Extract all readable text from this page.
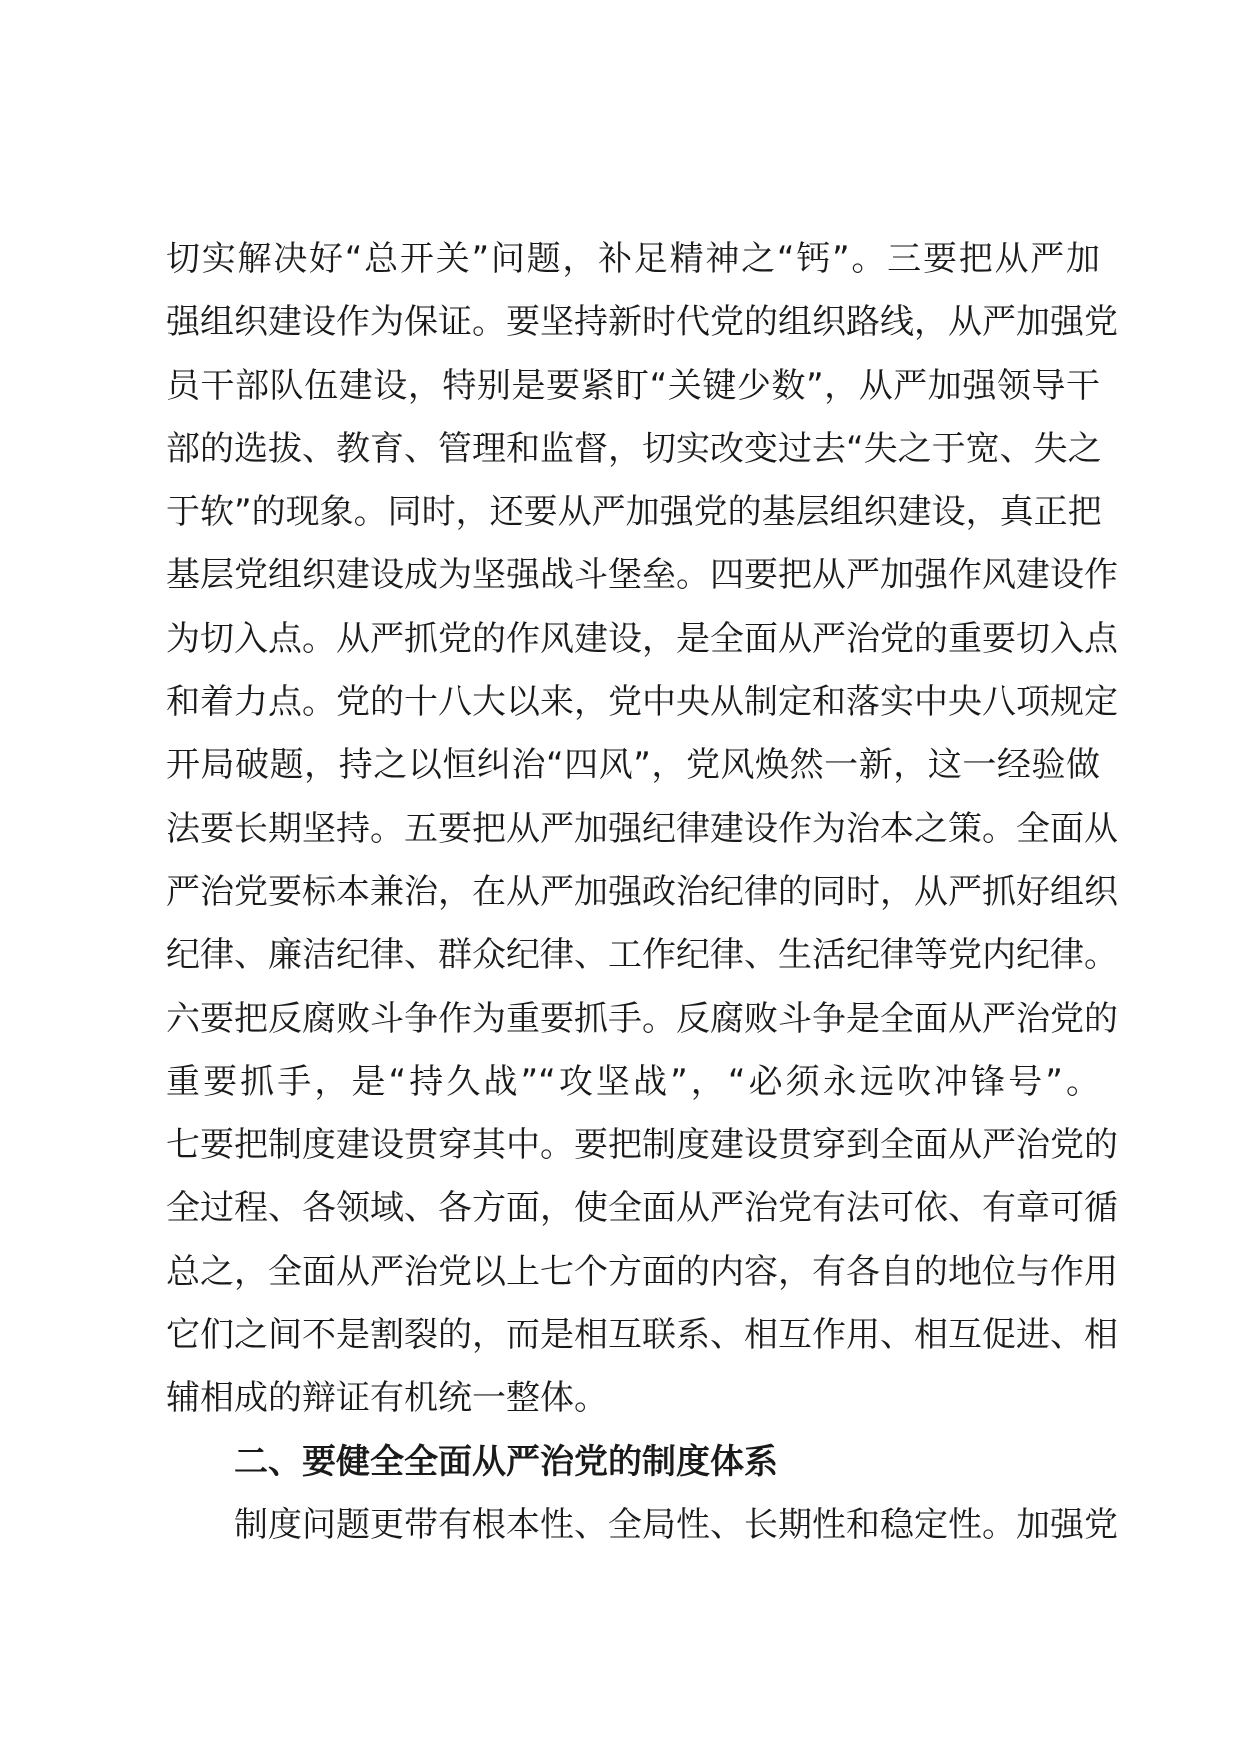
切实解决好“总开关”问题，补足精神之“钙”。三要把从严加
强组织建设作为保证。要坚持新时代党的组织路线，从严加强党
员干部队伍建设，特别是要紧盯“关键少数”，从严加强领导干
部的选拔、教育、管理和监督，切实改变过去“失之于宽、失之
于软”的现象。同时，还要从严加强党的基层组织建设，真正把
基层党组织建设成为坚强战斗堡垒。四要把从严加强作风建设作
为切入点。从严抓党的作风建设，是全面从严治党的重要切入点
和着力点。党的十八大以来，党中央从制定和落实中央八项规定
开局破题，持之以恒纠治“四风”，党风焕然一新，这一经验做
法要长期坚持。五要把从严加强纪律建设作为治本之策。全面从
严治党要标本兼治，在从严加强政治纪律的同时，从严抓好组织
纪律、廉洁纪律、群众纪律、工作纪律、生活纪律等党内纪律。
六要把反腐败斗争作为重要抓手。反腐败斗争是全面从严治党的
重要抓手，是“持久战”“攻坚战”，“必须永远吹冲锋号”。
七要把制度建设贯穿其中。要把制度建设贯穿到全面从严治党的
全过程、各领域、各方面，使全面从严治党有法可依、有章可循
总之，全面从严治党以上七个方面的内容，有各自的地位与作用
它们之间不是割裂的，而是相互联系、相互作用、相互促进、相
辅相成的辩证有机统一整体。
二、要健全全面从严治党的制度体系
制度问题更带有根本性、全局性、长期性和稳定性。加强党
